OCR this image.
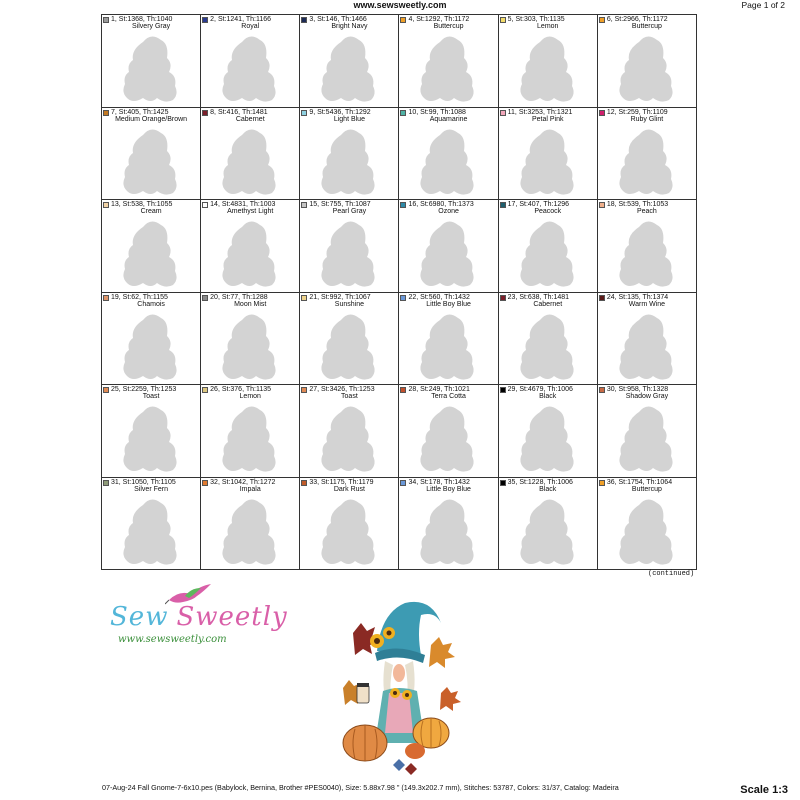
www.sewsweetly.com	Page 1 of 2
1, St:1368, Th:1040
Silvery Gray
2, St:1241, Th:1166
Royal
3, St:146, Th:1466
Bright Navy
4, St:1292, Th:1172
Buttercup
5, St:303, Th:1135
Lemon
6, St:2966, Th:1172
Buttercup
7, St:405, Th:1425
Medium Orange/Brown
8, St:416, Th:1481
Cabernet
9, St:5436, Th:1292
Light Blue
10, St:99, Th:1088
Aquamarine
11, St:3253, Th:1321
Petal Pink
12, St:259, Th:1109
Ruby Glint
13, St:538, Th:1055
Cream
14, St:4831, Th:1003
Amethyst Light
15, St:755, Th:1087
Pearl Gray
16, St:6980, Th:1373
Ozone
17, St:407, Th:1296
Peacock
18, St:539, Th:1053
Peach
19, St:62, Th:1155
Chamois
20, St:77, Th:1288
Moon Mist
21, St:992, Th:1067
Sunshine
22, St:560, Th:1432
Little Boy Blue
23, St:638, Th:1481
Cabernet
24, St:135, Th:1374
Warm Wine
25, St:2259, Th:1253
Toast
26, St:376, Th:1135
Lemon
27, St:3426, Th:1253
Toast
28, St:249, Th:1021
Terra Cotta
29, St:4679, Th:1006
Black
30, St:958, Th:1328
Shadow Gray
31, St:1050, Th:1105
Silver Fern
32, St:1042, Th:1272
Impala
33, St:1175, Th:1179
Dark Rust
34, St:178, Th:1432
Little Boy Blue
35, St:1228, Th:1006
Black
36, St:1754, Th:1064
Buttercup
(continued)
Sew Sweetly
www.sewsweetly.com
07-Aug-24 Fall Gnome-7-6x10.pes (Babylock, Bernina, Brother #PES0040), Size: 5.88x7.98 " (149.3x202.7 mm), Stitches: 53787, Colors: 31/37, Catalog: Madeira	Scale 1:3
